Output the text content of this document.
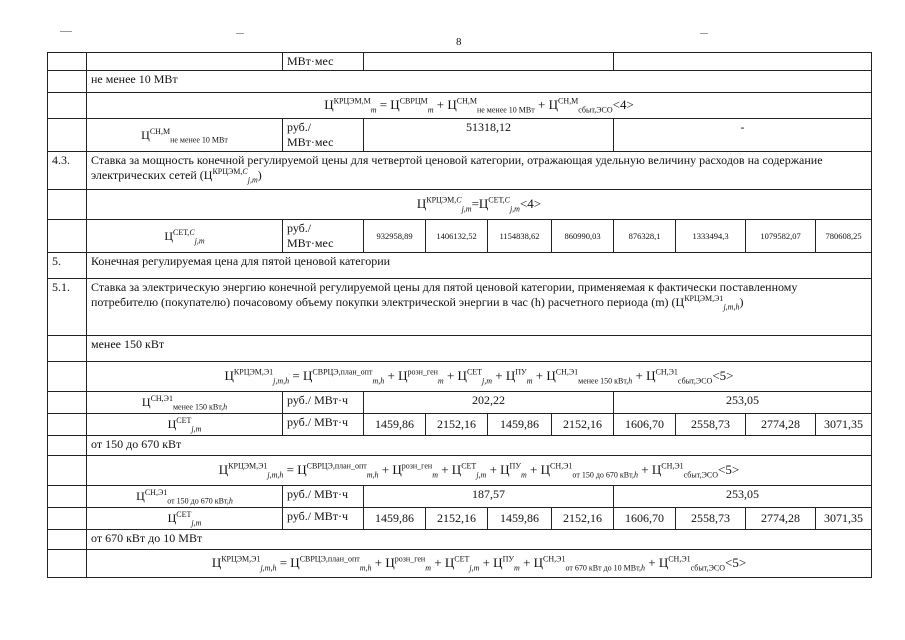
8
		МВт·мес								
	не менее 10 МВт									
	$Ц^{КРЦЭМ,М}_m = Ц^{СВРЦМ}_m + Ц^{СН,М}_{не менее 10 МВт} + Ц^{СН,М}_{сбыт,ЭСО}<4>$									
	$Ц^{СН,М}_{не менее 10 МВт}$	руб./
МВт·мес	51318,12				-			
4.3.	Ставка за мощность конечной регулируемой цены для четвертой ценовой категории, отражающая удельную величину расходов на содержание электрических сетей $(Ц^{КРЦЭМ,С}_{j,m})$									
	$Ц^{КРЦЭМ,С}_{j,m}=Ц^{СЕТ,С}_{j,m}<4>$									
	$Ц^{СЕТ,С}_{j,m}$	руб./
МВт·мес	932958,89	1406132,52	1154838,62	860990,03	876328,1	1333494,3	1079582,07	780608,25
5.	Конечная регулируемая цена для пятой ценовой категории									
5.1.	Ставка за электрическую энергию конечной регулируемой цены для пятой ценовой категории, применяемая к фактически поставленному потребителю (покупателю) почасовому объему покупки электрической энергии в час (h) расчетного периода (m) $(Ц^{КРЦЭМ,Э1}_{j,m,h})$									
	менее 150 кВт									
	$Ц^{КРЦЭМ,Э1}_{j,m,h} = Ц^{СВРЦЭ,план\_опт}_{m,h} + Ц^{розн\_ген}_m + Ц^{СЕТ}_{j,m} + Ц^{ПУ}_m + Ц^{СН,Э1}_{менее 150 кВт,h} + Ц^{СН,Э1}_{сбыт,ЭСО}<5>$									
	$Ц^{СН,Э1}_{менее 150 кВт,h}$	руб./ МВт·ч	202,22				253,05			
	$Ц^{СЕТ}_{j,m}$	руб./ МВт·ч	1459,86	2152,16	1459,86	2152,16	1606,70	2558,73	2774,28	3071,35
	от 150 до 670 кВт									
	$Ц^{КРЦЭМ,Э1}_{j,m,h} = Ц^{СВРЦЭ,план\_опт}_{m,h} + Ц^{розн\_ген}_m + Ц^{СЕТ}_{j,m} + Ц^{ПУ}_m + Ц^{СН,Э1}_{от 150 до 670 кВт,h} + Ц^{СН,Э1}_{сбыт,ЭСО}<5>$									
	$Ц^{СН,Э1}_{от 150 до 670 кВт,h}$	руб./ МВт·ч	187,57				253,05			
	$Ц^{СЕТ}_{j,m}$	руб./ МВт·ч	1459,86	2152,16	1459,86	2152,16	1606,70	2558,73	2774,28	3071,35
	от 670 кВт до 10 МВт									
	$Ц^{КРЦЭМ,Э1}_{j,m,h} = Ц^{СВРЦЭ,план\_опт}_{m,h} + Ц^{розн\_ген}_m + Ц^{СЕТ}_{j,m} + Ц^{ПУ}_m + Ц^{СН,Э1}_{от 670 кВт до 10 МВт,h} + Ц^{СН,Э1}_{сбыт,ЭСО}<5>$									
